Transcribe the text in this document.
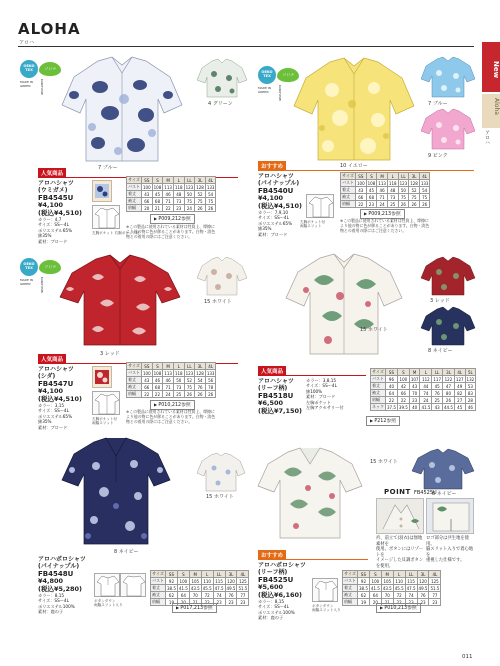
ALOHA
アロハ
New
Aloha
アロハ
OEKO TEX	ソロナ
MADE IN GREEN	KARIYUSHI
4 グリーン
7 ブルー
人気商品
アロハシャツ
(ウミガメ)
FB4545U
¥4,100
(税込¥4,510)
カラー：4,7
サイズ：SS～4L
ポリエステル65%
綿35%
素材：ブロード
左胸ポケット 右胸ポケット付
サイズ	SS	S	M	L	LL	3L	4L
バスト	100	108	113	118	123	128	133
着丈	43	45	46	48	50	52	54
袖丈	66	68	71	73	75	75	75
肩幅	20	21	22	23	24	26	26
▶ P009,212参照
※この製品に使用されている素材は性質上、摩擦に
より他の物に色が移ることがあります。白物・淡色
物との着用の際にはご注意ください。
OEKO TEX	ソロナ
MADE IN GREEN	KARIYUSHI
7 ブルー
9 ピンク
10 イエロー
おすすめ
アロハシャツ
(パイナップル)
FB4540U
¥4,100
(税込¥4,510)
カラー：7,9,10
サイズ：SS～4L
ポリエステル65%
綿35%
素材：ブロード
左胸ポケット付
両脇スリット
サイズ	SS	S	M	L	LL	3L	4L
バスト	100	108	113	118	123	128	133
着丈	43	45	46	48	50	52	54
袖丈	66	68	71	73	75	75	75
肩幅	22	23	24	25	26	26	26
▶ P009,213参照
※この製品に使用されている素材は性質上、摩擦に
より他の物に色が移ることがあります。白物・淡色
物との着用の際にはご注意ください。
OEKO TEX	ソロナ
MADE IN GREEN	KARIYUSHI
15 ホワイト
3 レッド
人気商品
アロハシャツ
(シダ)
FB4547U
¥4,100
(税込¥4,510)
カラー：3,15
サイズ：SS～4L
ポリエステル65%
綿35%
素材：ブロード
左胸ポケット付
両脇スリット
サイズ	SS	S	M	L	LL	3L	4L
バスト	100	108	113	118	123	128	133
着丈	43	46	46	50	52	54	56
袖丈	66	68	71	73	75	76	78
肩幅	22	22	24	25	26	26	26
▶ P010,212参照
※この製品に使用されている素材は性質上、摩擦に
より他の物に色が移ることがあります。白物・淡色
物との着用の際にはご注意ください。
3 レッド
15 ホワイト
8 ネイビー
人気商品
アロハシャツ
(リーフ柄)
FB4518U
¥6,500
(税込¥7,150)
カラー：3,8,15
サイズ：SS～4L
綿100%
素材：ブロード
左胸ポケット
左胸アクセサリー付
サイズ	SS	S	M	L	LL	3L	4L	5L
バスト	96	100	107	112	117	122	127	132
着丈	40	42	43	44	45	47	49	53
袖丈	64	66	70	74	76	80	82	83
肩幅	22	22	23	24	25	26	27	28
ネック	37.5	39.5	40	41.5	43	44.5	45	46
▶ P212参照
15 ホワイト
8 ネイビー
アロハポロシャツ
(パイナップル)
FB4548U
¥4,800
(税込¥5,280)
カラー：8,15
サイズ：SS～4L
ポリエステル100%
素材：鹿の子
ボタンダウン
両脇スリット入り
サイズ	SS	S	M	L	LL	3L	4L
バスト	92	100	105	110	115	120	125
着丈	38.5	41.5	43.5	45.5	47.5	49.5	51.5
袖丈	62	64	70	72	74	76	77
肩幅	19	20	21	22	23	23	23
▶ P017,213参照
15 ホワイト
8 ネイビー
POINT FB4525U
衿、前立て(羽衣)は無地素材を
使用。ボタンにはリゾートを
イメージした貝調ボタンを使用。
ロゴ部分は共生地を使用。
脇スリット入りで着心地を
重視した仕様です。
おすすめ
アロハポロシャツ
(リーフ柄)
FB4525U
¥5,600
(税込¥6,160)
カラー：8,15
サイズ：SS～4L
ポリエステル100%
素材：鹿の子
ボタンダウン
両脇スリット入り
サイズ	SS	S	M	L	LL	3L	4L
バスト	92	100	105	110	115	120	125
着丈	38.5	41.5	43.5	45.5	47.5	49.5	51.5
袖丈	62	64	70	72	74	76	77
肩幅	19	20	21	22	23	23	23
▶ P010,213参照
011
